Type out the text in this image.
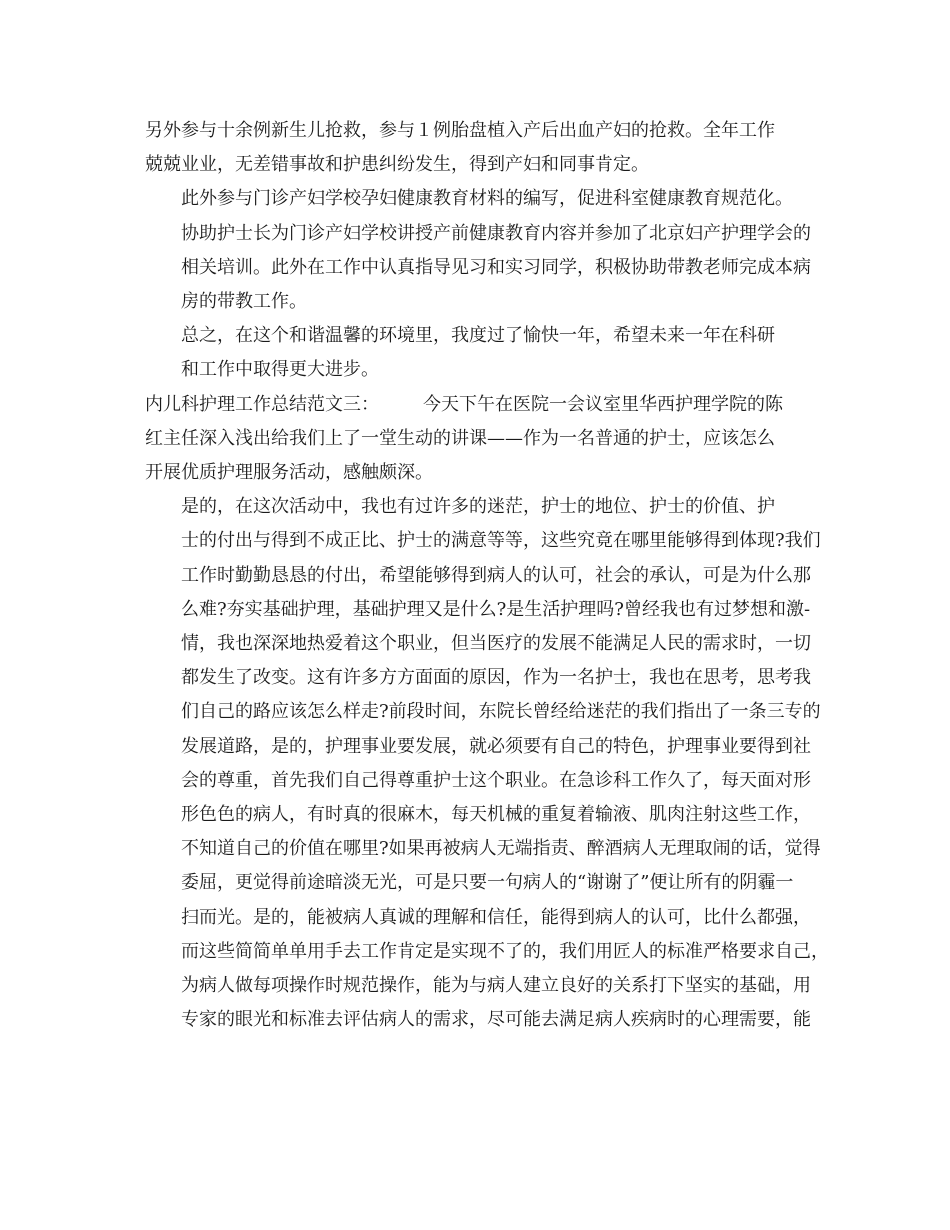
另外参与十余例新生儿抢救，参与１例胎盘植入产后出血产妇的抢救。全年工作
兢兢业业，无差错事故和护患纠纷发生，得到产妇和同事肯定。

此外参与门诊产妇学校孕妇健康教育材料的编写，促进科室健康教育规范化。
协助护士长为门诊产妇学校讲授产前健康教育内容并参加了北京妇产护理学会的
相关培训。此外在工作中认真指导见习和实习同学，积极协助带教老师完成本病
房的带教工作。

总之，在这个和谐温馨的环境里，我度过了愉快一年，希望未来一年在科研
和工作中取得更大进步。

内儿科护理工作总结范文三： 今天下午在医院一会议室里华西护理学院的陈
红主任深入浅出给我们上了一堂生动的讲课——作为一名普通的护士，应该怎么
开展优质护理服务活动，感触颇深。

是的，在这次活动中，我也有过许多的迷茫，护士的地位、护士的价值、护
士的付出与得到不成正比、护士的满意等等，这些究竟在哪里能够得到体现?我们
工作时勤勤恳恳的付出，希望能够得到病人的认可，社会的承认，可是为什么那
么难?夯实基础护理，基础护理又是什么?是生活护理吗?曾经我也有过梦想和激-
情，我也深深地热爱着这个职业，但当医疗的发展不能满足人民的需求时，一切
都发生了改变。这有许多方方面面的原因，作为一名护士，我也在思考，思考我
们自己的路应该怎么样走?前段时间，东院长曾经给迷茫的我们指出了一条三专的
发展道路，是的，护理事业要发展，就必须要有自己的特色，护理事业要得到社
会的尊重，首先我们自己得尊重护士这个职业。在急诊科工作久了，每天面对形
形色色的病人，有时真的很麻木，每天机械的重复着输液、肌肉注射这些工作，
不知道自己的价值在哪里?如果再被病人无端指责、醉酒病人无理取闹的话，觉得
委屈，更觉得前途暗淡无光，可是只要一句病人的“谢谢了”便让所有的阴霾一
扫而光。是的，能被病人真诚的理解和信任，能得到病人的认可，比什么都强，
而这些简简单单用手去工作肯定是实现不了的，我们用匠人的标准严格要求自己，
为病人做每项操作时规范操作，能为与病人建立良好的关系打下坚实的基础，用
专家的眼光和标准去评估病人的需求，尽可能去满足病人疾病时的心理需要，能
